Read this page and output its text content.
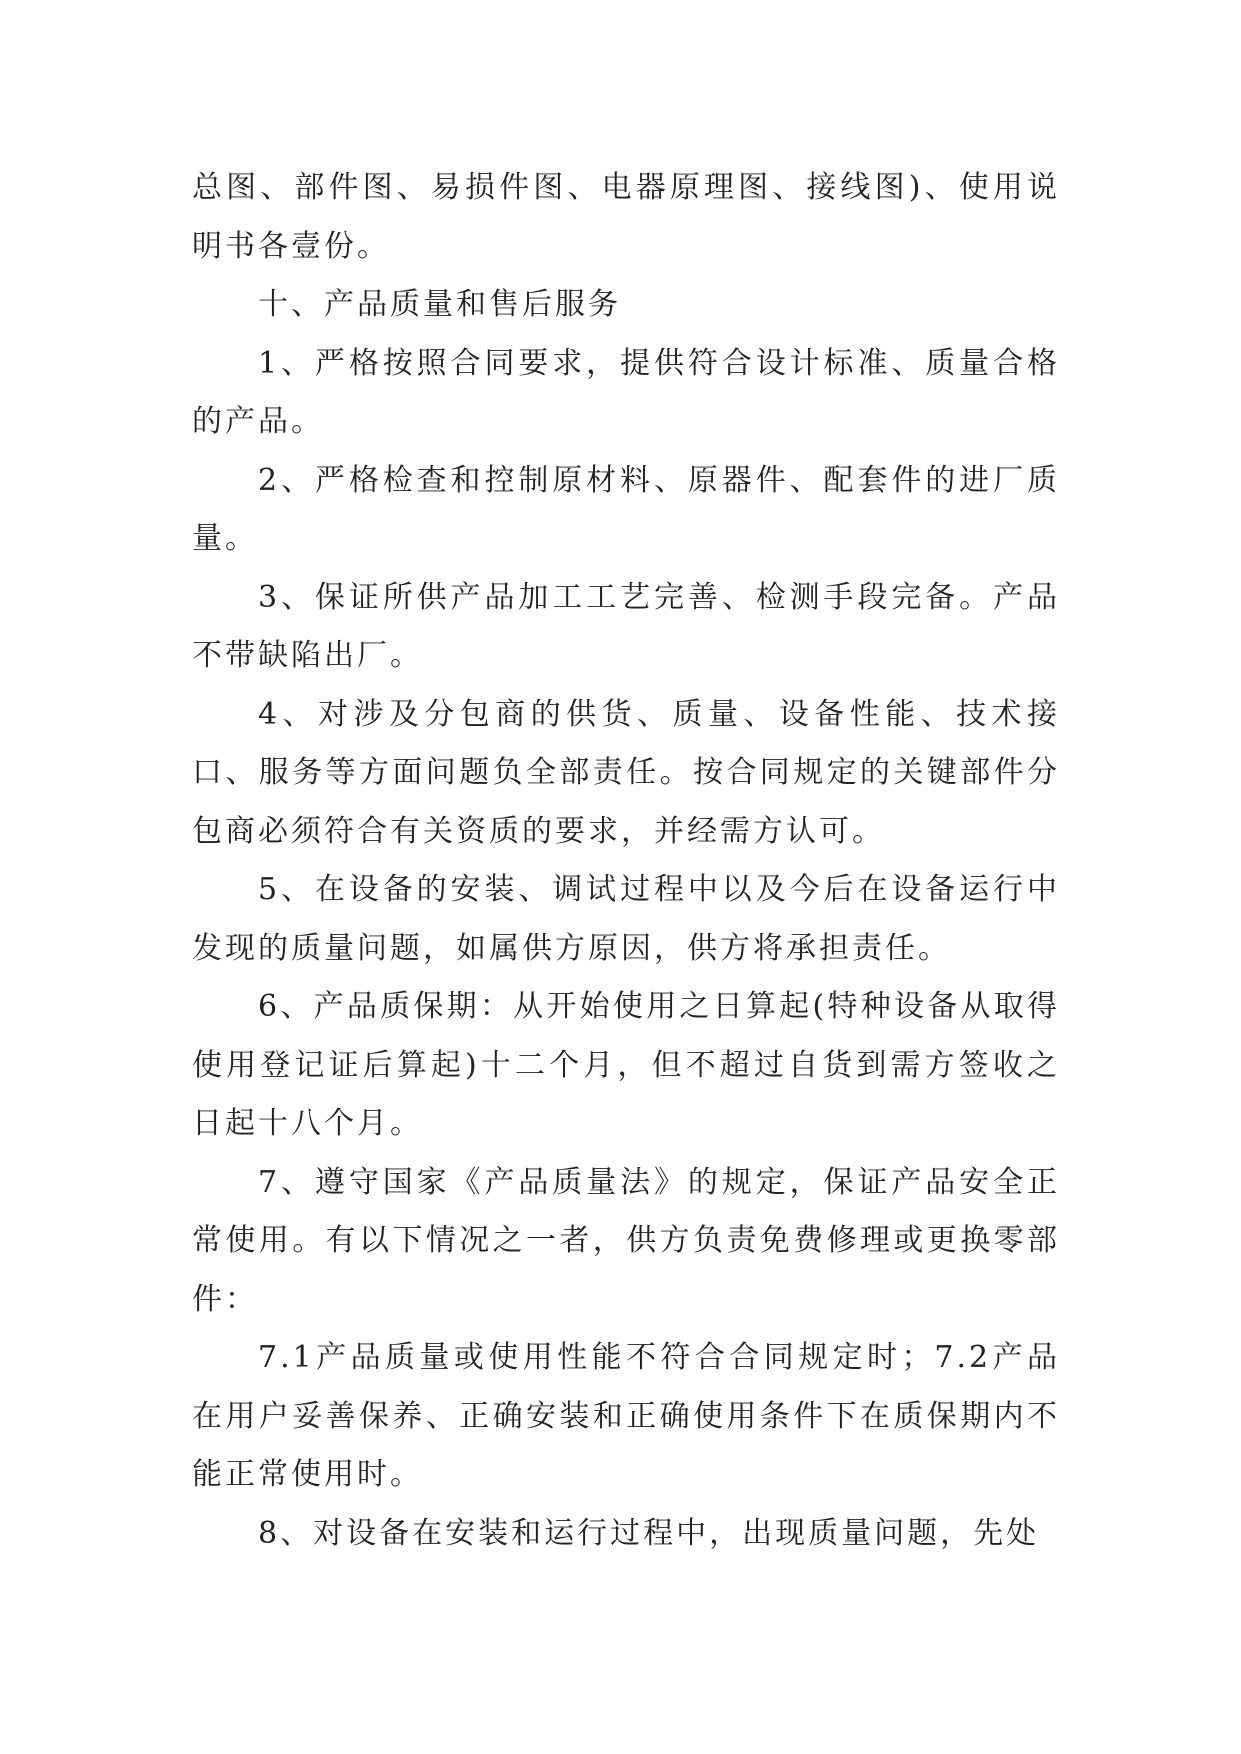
总图、部件图、易损件图、电器原理图、接线图)、使用说明书各壹份。

十、产品质量和售后服务

1、严格按照合同要求，提供符合设计标准、质量合格的产品。

2、严格检查和控制原材料、原器件、配套件的进厂质量。

3、保证所供产品加工工艺完善、检测手段完备。产品不带缺陷出厂。

4、对涉及分包商的供货、质量、设备性能、技术接口、服务等方面问题负全部责任。按合同规定的关键部件分包商必须符合有关资质的要求，并经需方认可。

5、在设备的安装、调试过程中以及今后在设备运行中发现的质量问题，如属供方原因，供方将承担责任。

6、产品质保期：从开始使用之日算起(特种设备从取得使用登记证后算起)十二个月，但不超过自货到需方签收之日起十八个月。

7、遵守国家《产品质量法》的规定，保证产品安全正常使用。有以下情况之一者，供方负责免费修理或更换零部件：

7.1产品质量或使用性能不符合合同规定时；7.2产品在用户妥善保养、正确安装和正确使用条件下在质保期内不能正常使用时。

8、对设备在安装和运行过程中，出现质量问题，先处
